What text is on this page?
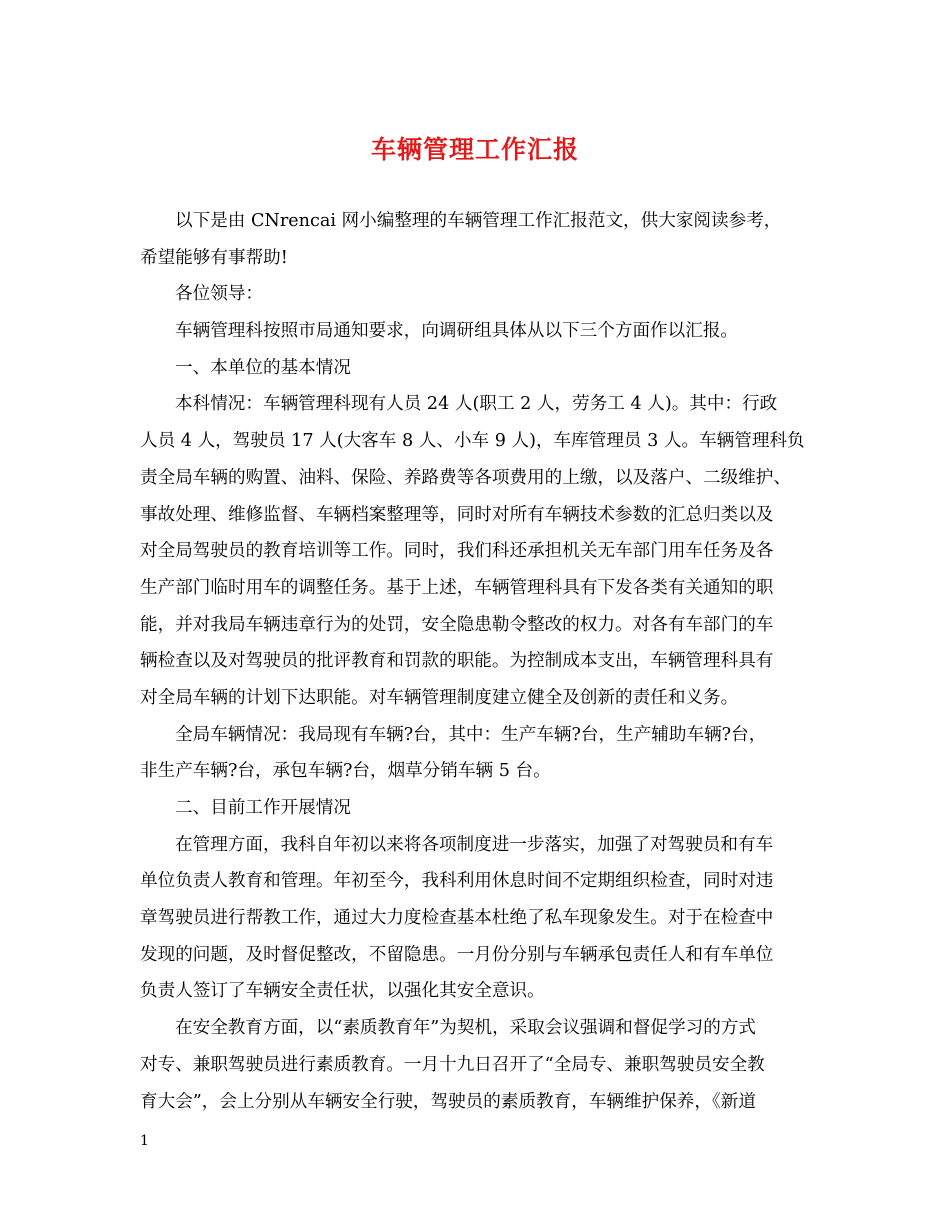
车辆管理工作汇报
以下是由 CNrencai 网小编整理的车辆管理工作汇报范文，供大家阅读参考，
希望能够有事帮助!
各位领导：
车辆管理科按照市局通知要求，向调研组具体从以下三个方面作以汇报。
一、本单位的基本情况
本科情况：车辆管理科现有人员 24 人(职工 2 人，劳务工 4 人)。其中：行政
人员 4 人，驾驶员 17 人(大客车 8 人、小车 9 人)，车库管理员 3 人。车辆管理科负
责全局车辆的购置、油料、保险、养路费等各项费用的上缴，以及落户、二级维护、
事故处理、维修监督、车辆档案整理等，同时对所有车辆技术参数的汇总归类以及
对全局驾驶员的教育培训等工作。同时，我们科还承担机关无车部门用车任务及各
生产部门临时用车的调整任务。基于上述，车辆管理科具有下发各类有关通知的职
能，并对我局车辆违章行为的处罚，安全隐患勒令整改的权力。对各有车部门的车
辆检查以及对驾驶员的批评教育和罚款的职能。为控制成本支出，车辆管理科具有
对全局车辆的计划下达职能。对车辆管理制度建立健全及创新的责任和义务。
全局车辆情况：我局现有车辆?台，其中：生产车辆?台，生产辅助车辆?台，
非生产车辆?台，承包车辆?台，烟草分销车辆 5 台。
二、目前工作开展情况
在管理方面，我科自年初以来将各项制度进一步落实，加强了对驾驶员和有车
单位负责人教育和管理。年初至今，我科利用休息时间不定期组织检查，同时对违
章驾驶员进行帮教工作，通过大力度检查基本杜绝了私车现象发生。对于在检查中
发现的问题，及时督促整改，不留隐患。一月份分别与车辆承包责任人和有车单位
负责人签订了车辆安全责任状，以强化其安全意识。
在安全教育方面，以“素质教育年”为契机，采取会议强调和督促学习的方式
对专、兼职驾驶员进行素质教育。一月十九日召开了“全局专、兼职驾驶员安全教
育大会”，会上分别从车辆安全行驶，驾驶员的素质教育，车辆维护保养，《新道
1
